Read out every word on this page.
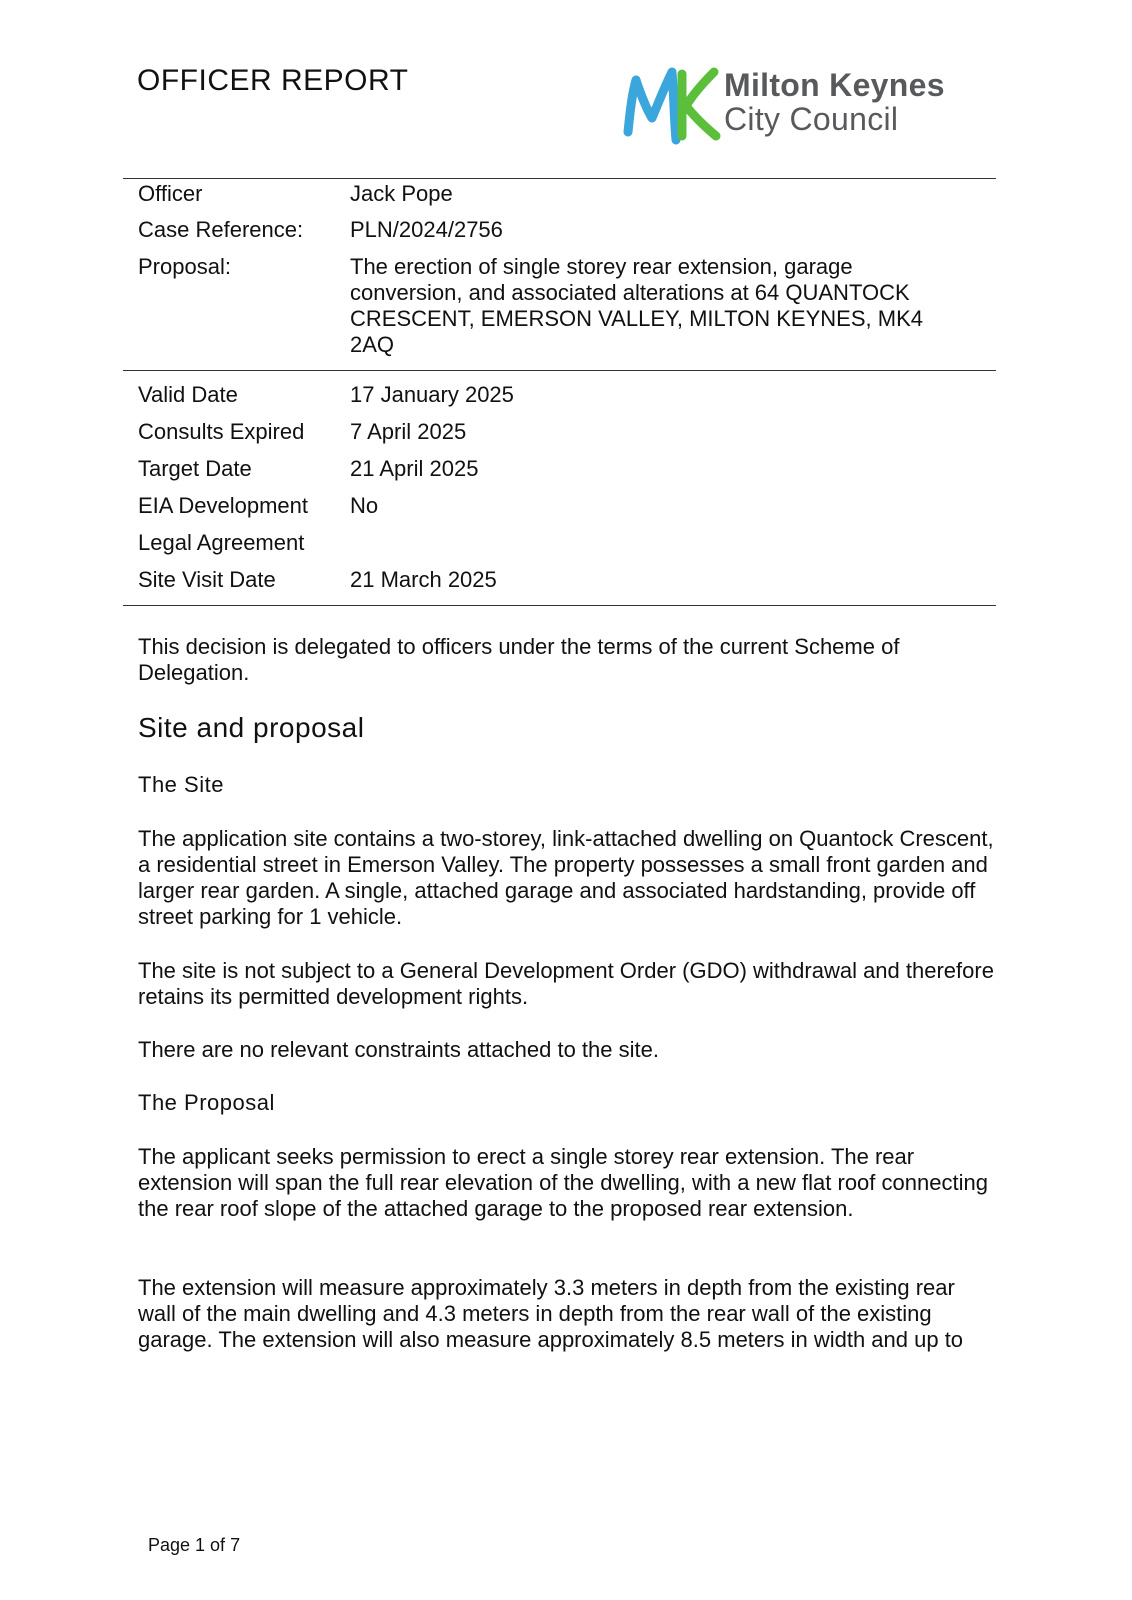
OFFICER REPORT	Milton Keynes
City Council
Officer	Jack Pope
Case Reference:	PLN/2024/2756
Proposal:	The erection of single storey rear extension, garage conversion, and associated alterations at 64 QUANTOCK CRESCENT, EMERSON VALLEY, MILTON KEYNES, MK4 2AQ
Valid Date	17 January 2025
Consults Expired	7 April 2025
Target Date	21 April 2025
EIA Development	No
Legal Agreement
Site Visit Date	21 March 2025

This decision is delegated to officers under the terms of the current Scheme of Delegation.

Site and proposal
The Site

The application site contains a two-storey, link-attached dwelling on Quantock Crescent, a residential street in Emerson Valley. The property possesses a small front garden and larger rear garden. A single, attached garage and associated hardstanding, provide off street parking for 1 vehicle.

The site is not subject to a General Development Order (GDO) withdrawal and therefore retains its permitted development rights.

There are no relevant constraints attached to the site.

The Proposal

The applicant seeks permission to erect a single storey rear extension. The rear extension will span the full rear elevation of the dwelling, with a new flat roof connecting the rear roof slope of the attached garage to the proposed rear extension.

The extension will measure approximately 3.3 meters in depth from the existing rear wall of the main dwelling and 4.3 meters in depth from the rear wall of the existing garage. The extension will also measure approximately 8.5 meters in width and up to

Page 1 of 7
